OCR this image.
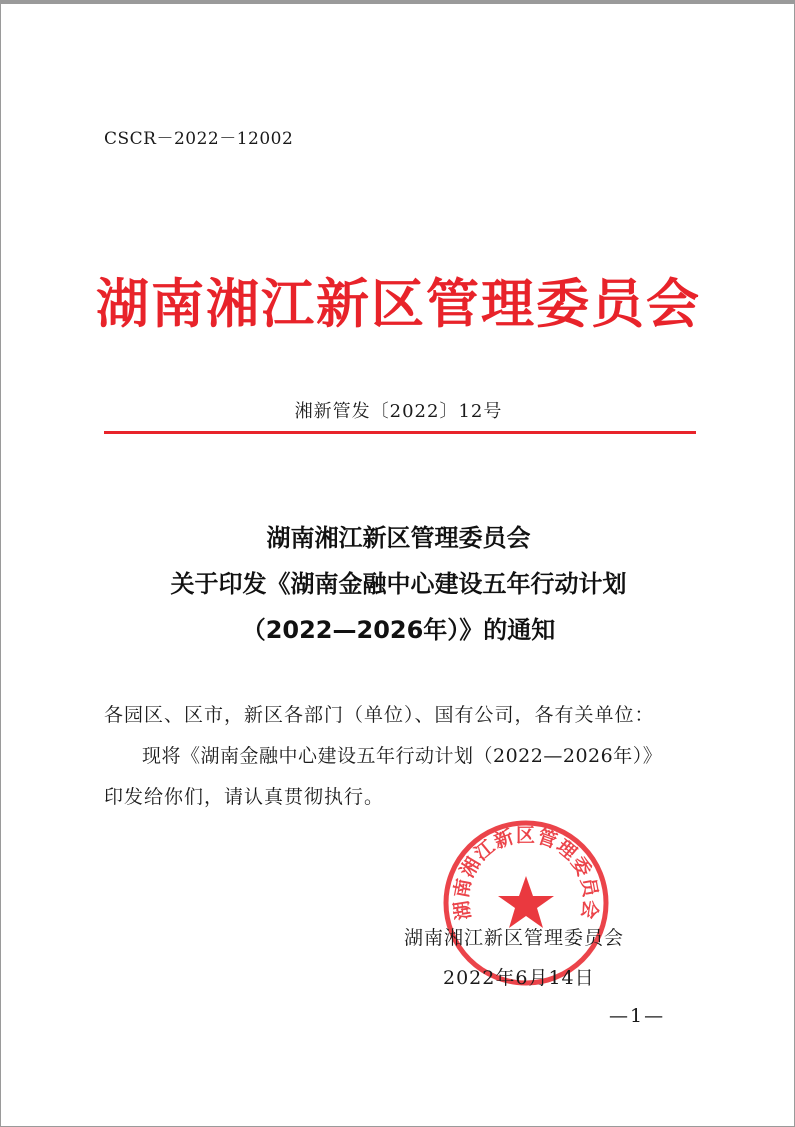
CSCR－2022－12002
湖南湘江新区管理委员会
湘新管发〔2022〕12号
湖南湘江新区管理委员会
关于印发《湖南金融中心建设五年行动计划
（2022—2026年）》的通知
各园区、区市，新区各部门（单位）、国有公司，各有关单位：
现将《湖南金融中心建设五年行动计划（2022—2026年）》
印发给你们，请认真贯彻执行。
湖南湘江新区管理委员会
湖南湘江新区管理委员会
2022年6月14日
—1—
